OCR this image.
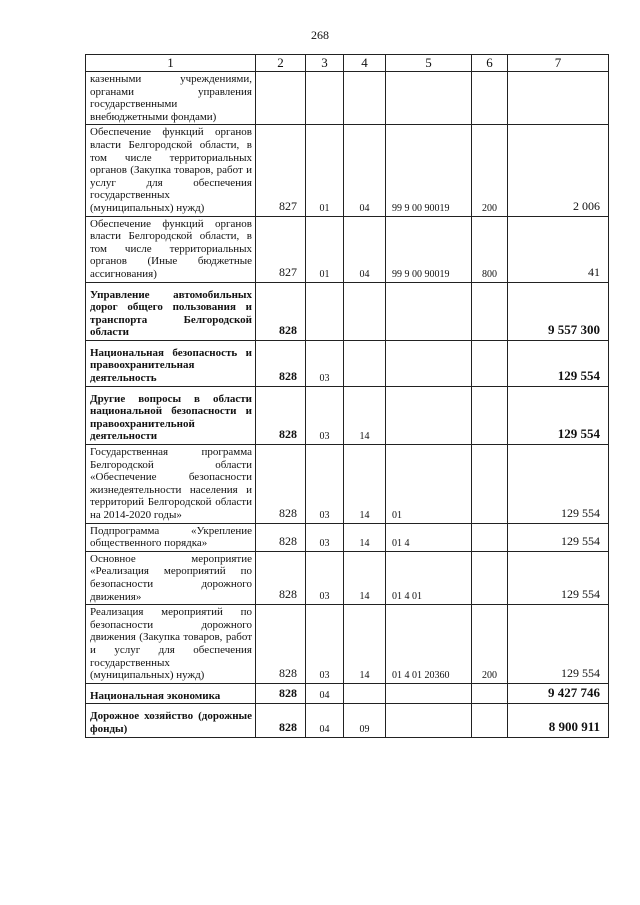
268
1	2	3	4	5	6	7
казенными учреждениями, органами управления государственными внебюджетными фондами)						
Обеспечение функций органов власти Белгородской области, в том числе территориальных органов (Закупка товаров, работ и услуг для обеспечения государственных (муниципальных) нужд)	827	01	04	99 9 00 90019	200	2 006
Обеспечение функций органов власти Белгородской области, в том числе территориальных органов (Иные бюджетные ассигнования)	827	01	04	99 9 00 90019	800	41
Управление автомобильных дорог общего пользования и транспорта Белгородской области	828					9 557 300
Национальная безопасность и правоохранительная деятельность	828	03				129 554
Другие вопросы в области национальной безопасности и правоохранительной деятельности	828	03	14			129 554
Государственная программа Белгородской области «Обеспечение безопасности жизнедеятельности населения и территорий Белгородской области на 2014-2020 годы»	828	03	14	01		129 554
Подпрограмма «Укрепление общественного порядка»	828	03	14	01 4		129 554
Основное мероприятие «Реализация мероприятий по безопасности дорожного движения»	828	03	14	01 4 01		129 554
Реализация мероприятий по безопасности дорожного движения (Закупка товаров, работ и услуг для обеспечения государственных (муниципальных) нужд)	828	03	14	01 4 01 20360	200	129 554
Национальная экономика	828	04				9 427 746
Дорожное хозяйство (дорожные фонды)	828	04	09			8 900 911
